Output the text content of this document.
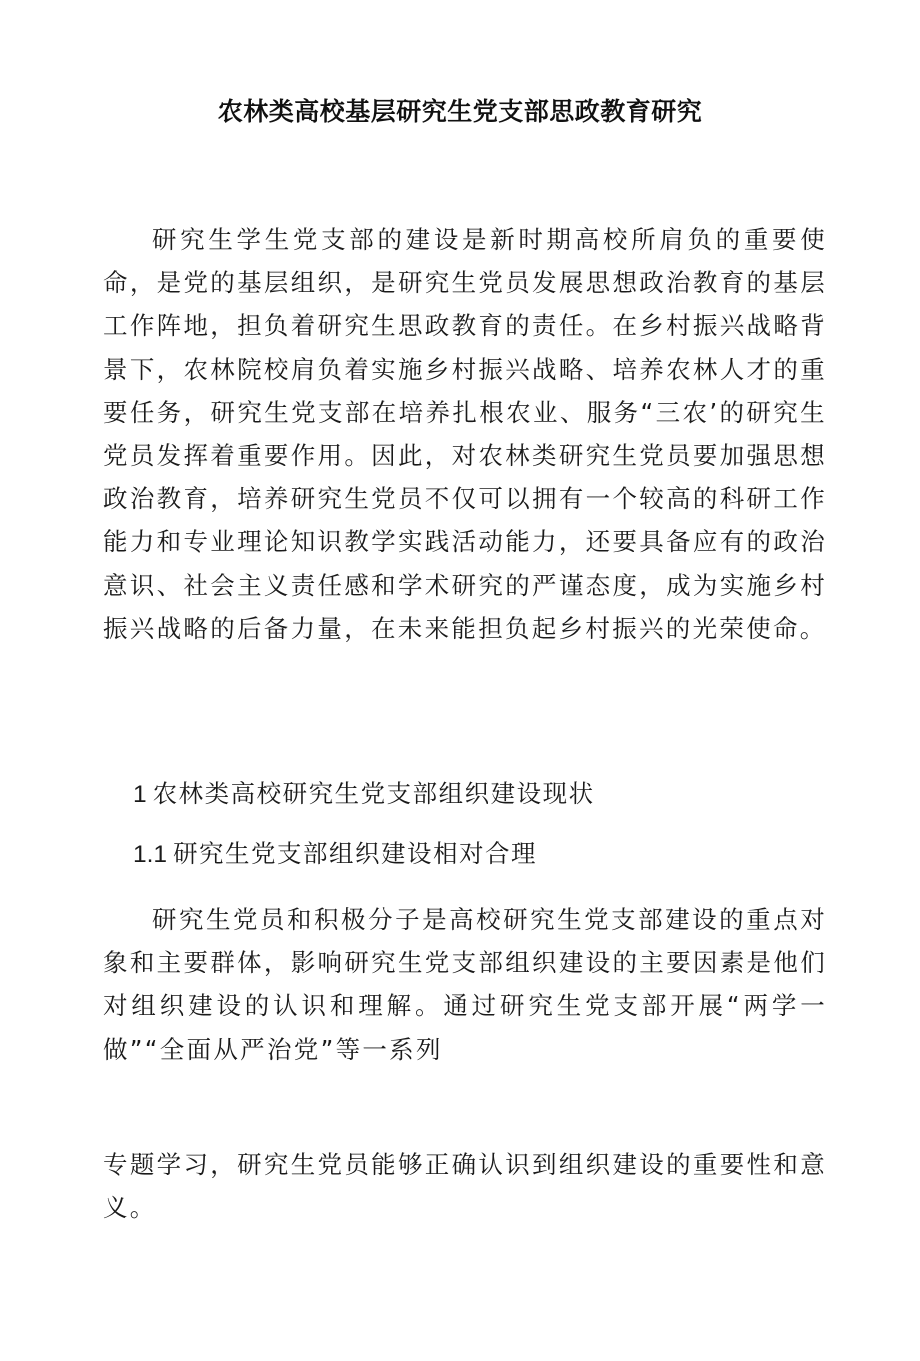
农林类高校基层研究生党支部思政教育研究

研究生学生党支部的建设是新时期高校所肩负的重要使命，是党的基层组织，是研究生党员发展思想政治教育的基层工作阵地，担负着研究生思政教育的责任。在乡村振兴战略背景下，农林院校肩负着实施乡村振兴战略、培养农林人才的重要任务，研究生党支部在培养扎根农业、服务“三农’的研究生党员发挥着重要作用。因此，对农林类研究生党员要加强思想政治教育，培养研究生党员不仅可以拥有一个较高的科研工作能力和专业理论知识教学实践活动能力，还要具备应有的政治意识、社会主义责任感和学术研究的严谨态度，成为实施乡村振兴战略的后备力量，在未来能担负起乡村振兴的光荣使命。

1 农林类高校研究生党支部组织建设现状
1.1 研究生党支部组织建设相对合理

研究生党员和积极分子是高校研究生党支部建设的重点对象和主要群体，影响研究生党支部组织建设的主要因素是他们对组织建设的认识和理解。通过研究生党支部开展“两学一做”“全面从严治党”等一系列

专题学习，研究生党员能够正确认识到组织建设的重要性和意义。
